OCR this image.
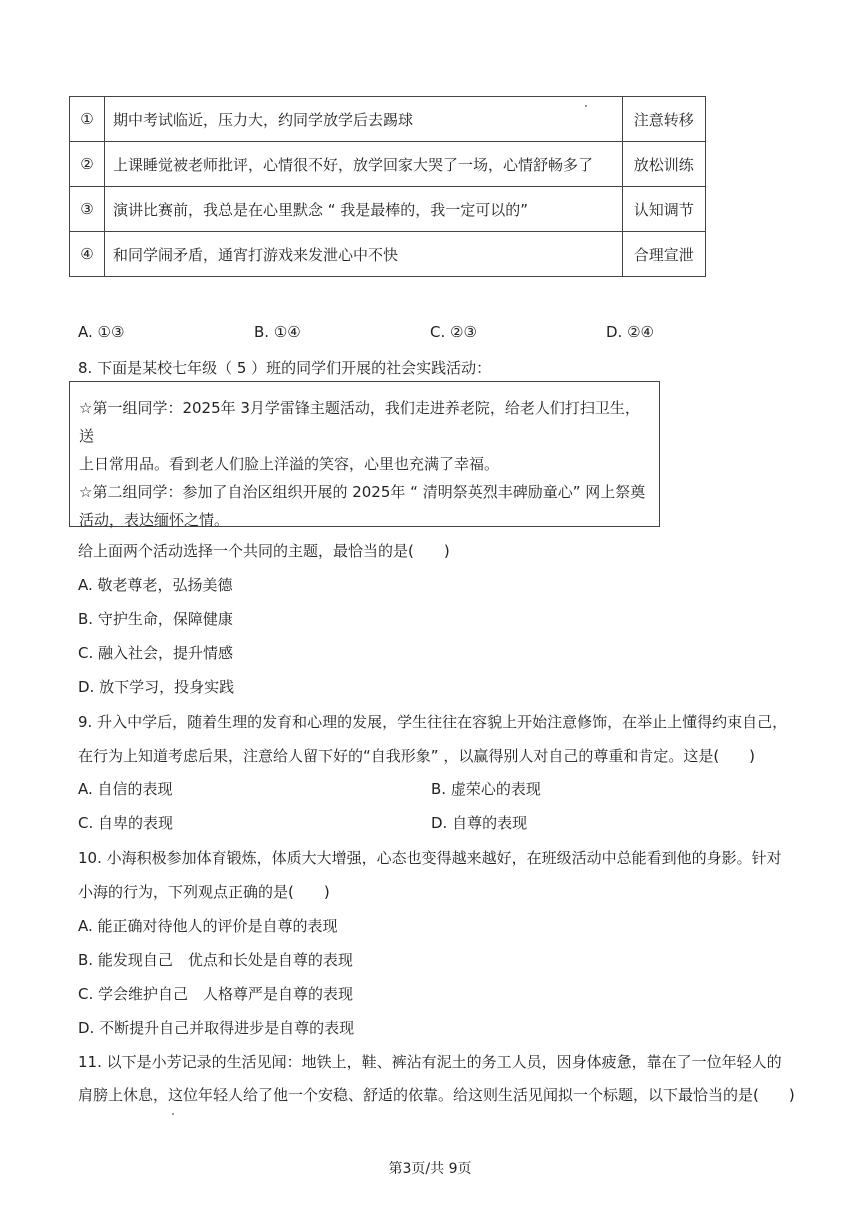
①	期中考试临近，压力大，约同学放学后去踢球	注意转移
②	上课睡觉被老师批评，心情很不好，放学回家大哭了一场，心情舒畅多了	放松训练
③	演讲比赛前，我总是在心里默念 “ 我是最棒的，我一定可以的”	认知调节
④	和同学闹矛盾，通宵打游戏来发泄心中不快	合理宣泄
A. ①③	B. ①④	C. ②③	D. ②④
8. 下面是某校七年级（ 5 ）班的同学们开展的社会实践活动：

☆第一组同学：2025年 3月学雷锋主题活动，我们走进养老院，给老人们打扫卫生，送

上日常用品。看到老人们脸上洋溢的笑容，心里也充满了幸福。

☆第二组同学：参加了自治区组织开展的 2025年 “ 清明祭英烈丰碑励童心” 网上祭奠

活动，表达缅怀之情。

给上面两个活动选择一个共同的主题，最恰当的是(　　)
A. 敬老尊老，弘扬美德
B. 守护生命，保障健康
C. 融入社会，提升情感
D. 放下学习，投身实践
9. 升入中学后，随着生理的发育和心理的发展，学生往往在容貌上开始注意修饰，在举止上懂得约束自己，
在行为上知道考虑后果，注意给人留下好的“自我形象” ，以赢得别人对自己的尊重和肯定。这是(　　)
A. 自信的表现	B. 虚荣心的表现
C. 自卑的表现	D. 自尊的表现
10. 小海积极参加体育锻炼，体质大大增强，心态也变得越来越好，在班级活动中总能看到他的身影。针对
小海的行为，下列观点正确的是(　　)
A. 能正确对待他人的评价是自尊的表现
B. 能发现自己　优点和长处是自尊的表现
C. 学会维护自己　人格尊严是自尊的表现
D. 不断提升自己并取得进步是自尊的表现
11. 以下是小芳记录的生活见闻：地铁上，鞋、裤沾有泥土的务工人员，因身体疲惫，靠在了一位年轻人的
肩膀上休息，这位年轻人给了他一个安稳、舒适的依靠。给这则生活见闻拟一个标题，以下最恰当的是(　　)
第3页/共 9页
